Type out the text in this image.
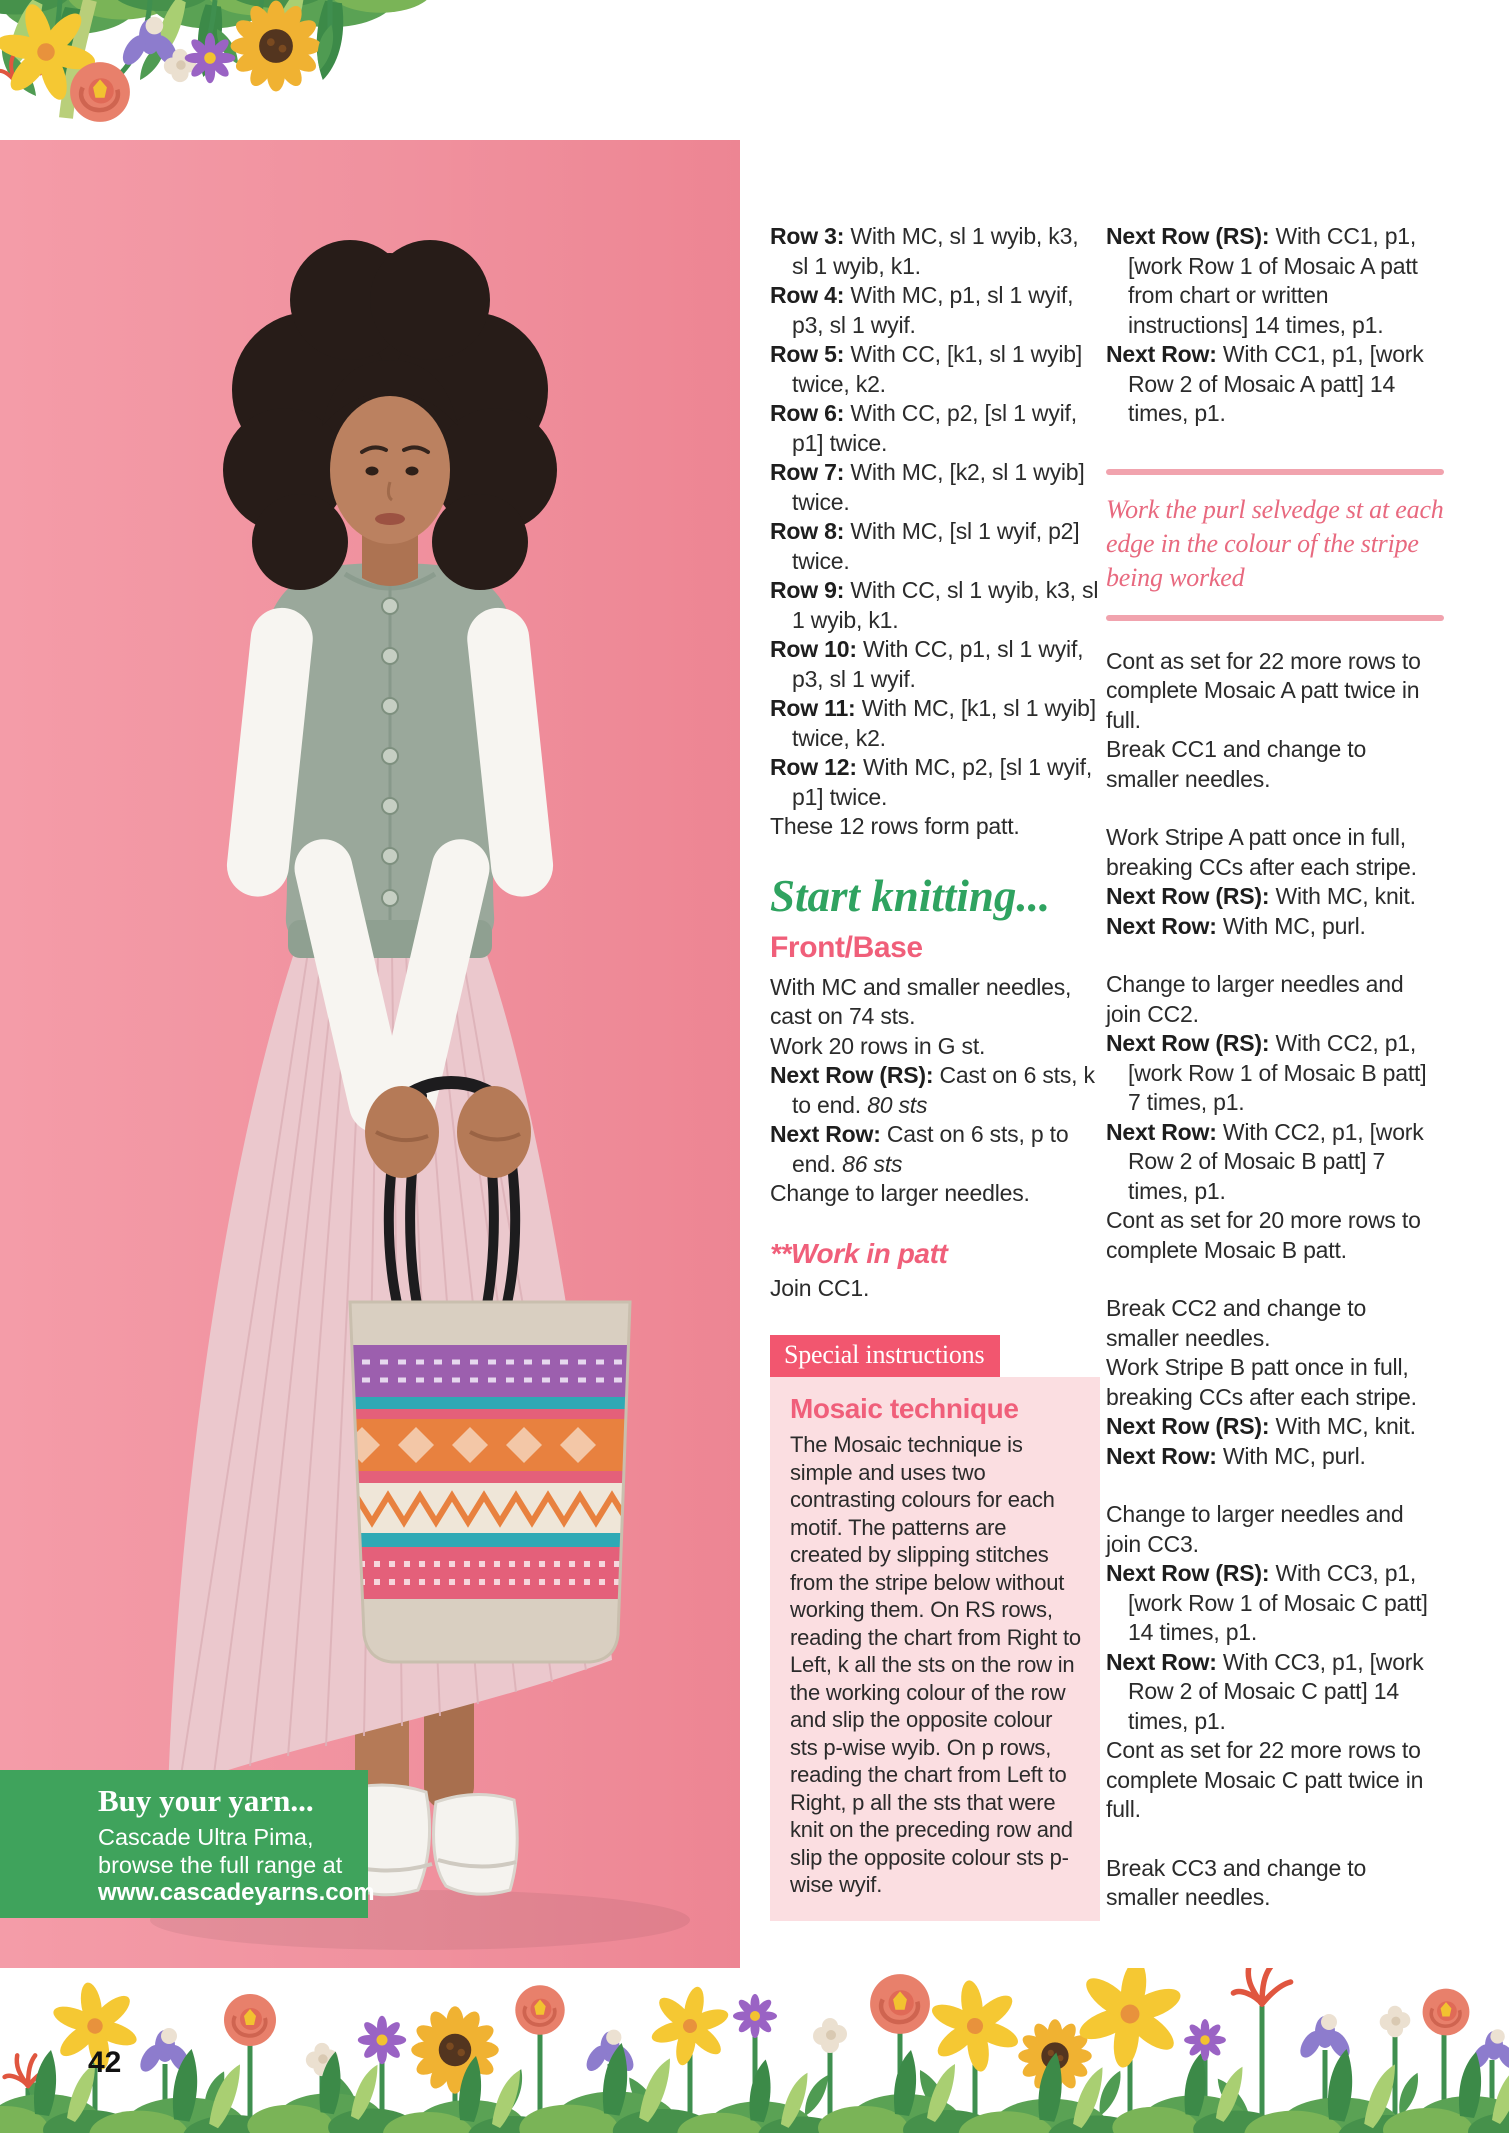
Row 3: With MC, sl 1 wyib, k3, sl 1 wyib, k1.

Row 4: With MC, p1, sl 1 wyif, p3, sl 1 wyif.

Row 5: With CC, [k1, sl 1 wyib] twice, k2.

Row 6: With CC, p2, [sl 1 wyif, p1] twice.

Row 7: With MC, [k2, sl 1 wyib] twice.

Row 8: With MC, [sl 1 wyif, p2] twice.

Row 9: With CC, sl 1 wyib, k3, sl 1 wyib, k1.

Row 10: With CC, p1, sl 1 wyif, p3, sl 1 wyif.

Row 11: With MC, [k1, sl 1 wyib] twice, k2.

Row 12: With MC, p2, [sl 1 wyif, p1] twice.

These 12 rows form patt.

Start knitting...
Front/Base

With MC and smaller needles, cast on 74 sts.

Work 20 rows in G st.

Next Row (RS): Cast on 6 sts, k to end. 80 sts

Next Row: Cast on 6 sts, p to end. 86 sts

Change to larger needles.

**Work in patt

Join CC1.

Special instructions
Mosaic technique

The Mosaic technique is simple and uses two contrasting colours for each motif. The patterns are created by slipping stitches from the stripe below without working them. On RS rows, reading the chart from Right to Left, k all the sts on the row in the working colour of the row and slip the opposite colour sts p-wise wyib. On p rows, reading the chart from Left to Right, p all the sts that were knit on the preceding row and slip the opposite colour sts p-wise wyif.

Next Row (RS): With CC1, p1, [work Row 1 of Mosaic A patt from chart or written instructions] 14 times, p1.

Next Row: With CC1, p1, [work Row 2 of Mosaic A patt] 14 times, p1.

Work the purl selvedge st at each edge in the colour of the stripe being worked

Cont as set for 22 more rows to complete Mosaic A patt twice in full.

Break CC1 and change to smaller needles.

Work Stripe A patt once in full, breaking CCs after each stripe.

Next Row (RS): With MC, knit.

Next Row: With MC, purl.

Change to larger needles and join CC2.

Next Row (RS): With CC2, p1, [work Row 1 of Mosaic B patt] 7 times, p1.

Next Row: With CC2, p1, [work Row 2 of Mosaic B patt] 7 times, p1.

Cont as set for 20 more rows to complete Mosaic B patt.

Break CC2 and change to smaller needles.

Work Stripe B patt once in full, breaking CCs after each stripe.

Next Row (RS): With MC, knit.

Next Row: With MC, purl.

Change to larger needles and join CC3.

Next Row (RS): With CC3, p1, [work Row 1 of Mosaic C patt] 14 times, p1.

Next Row: With CC3, p1, [work Row 2 of Mosaic C patt] 14 times, p1.

Cont as set for 22 more rows to complete Mosaic C patt twice in full.

Break CC3 and change to smaller needles.

Buy your yarn...

Cascade Ultra Pima,

browse the full range at

www.cascadeyarns.com

42
